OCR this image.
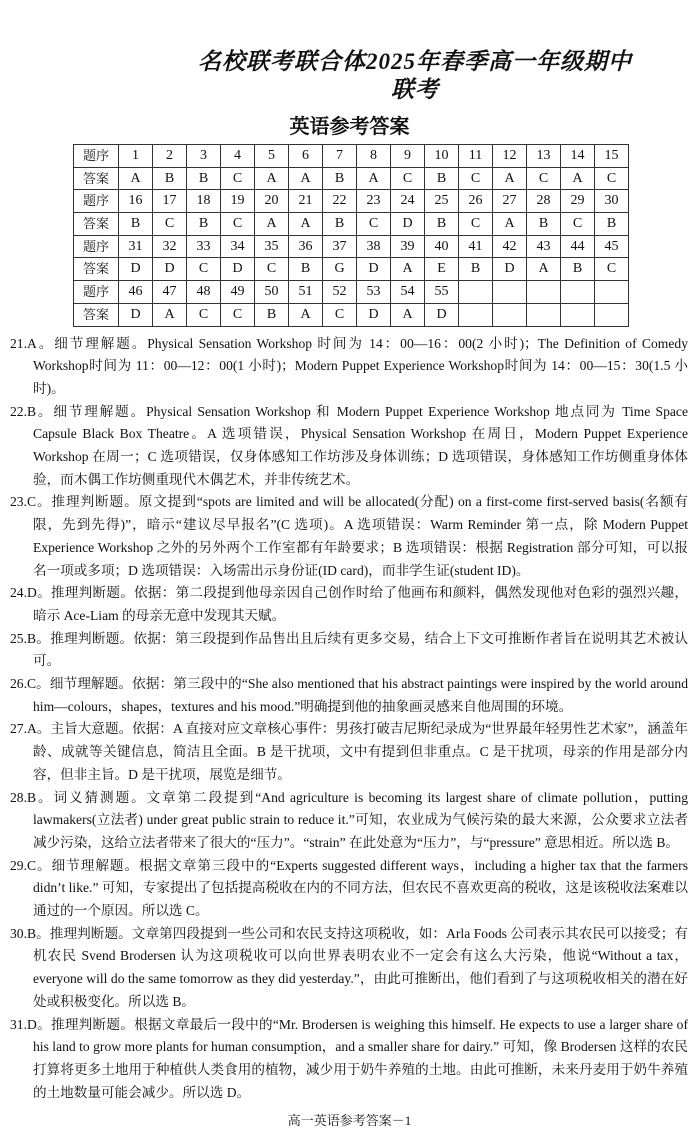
名校联考联合体2025年春季高一年级期中联考
英语参考答案
题序	1	2	3	4	5	6	7	8	9	10	11	12	13	14	15
答案	A	B	B	C	A	A	B	A	C	B	C	A	C	A	C
题序	16	17	18	19	20	21	22	23	24	25	26	27	28	29	30
答案	B	C	B	C	A	A	B	C	D	B	C	A	B	C	B
题序	31	32	33	34	35	36	37	38	39	40	41	42	43	44	45
答案	D	D	C	D	C	B	G	D	A	E	B	D	A	B	C
题序	46	47	48	49	50	51	52	53	54	55					
答案	D	A	C	C	B	A	C	D	A	D					
21.A。细节理解题。Physical Sensation Workshop 时间为 14：00—16：00(2 小时)；The Definition of Comedy Workshop时间为 11：00—12：00(1 小时)；Modern Puppet Experience Workshop时间为 14：00—15：30(1.5 小时)。
22.B。细节理解题。Physical Sensation Workshop 和 Modern Puppet Experience Workshop 地点同为 Time Space Capsule Black Box Theatre。A 选项错误，Physical Sensation Workshop 在周日，Modern Puppet Experience Workshop 在周一；C 选项错误，仅身体感知工作坊涉及身体训练；D 选项错误，身体感知工作坊侧重身体体验，而木偶工作坊侧重现代木偶艺术，并非传统艺术。
23.C。推理判断题。原文提到“spots are limited and will be allocated(分配) on a first-come first-served basis(名额有限，先到先得)”，暗示“建议尽早报名”(C 选项)。A 选项错误：Warm Reminder 第一点，除 Modern Puppet Experience Workshop 之外的另外两个工作室都有年龄要求；B 选项错误：根据 Registration 部分可知，可以报名一项或多项；D 选项错误：入场需出示身份证(ID card)，而非学生证(student ID)。
24.D。推理判断题。依据：第二段提到他母亲因自己创作时给了他画布和颜料，偶然发现他对色彩的强烈兴趣，暗示 Ace-Liam 的母亲无意中发现其天赋。
25.B。推理判断题。依据：第三段提到作品售出且后续有更多交易，结合上下文可推断作者旨在说明其艺术被认可。
26.C。细节理解题。依据：第三段中的“She also mentioned that his abstract paintings were inspired by the world around him—colours，shapes，textures and his mood.”明确提到他的抽象画灵感来自他周围的环境。
27.A。主旨大意题。依据：A 直接对应文章核心事件：男孩打破吉尼斯纪录成为“世界最年轻男性艺术家”，涵盖年龄、成就等关键信息，简洁且全面。B 是干扰项，文中有提到但非重点。C 是干扰项，母亲的作用是部分内容，但非主旨。D 是干扰项，展览是细节。
28.B。词义猜测题。文章第二段提到“And agriculture is becoming its largest share of climate pollution，putting lawmakers(立法者) under great public strain to reduce it.”可知，农业成为气候污染的最大来源，公众要求立法者减少污染，这给立法者带来了很大的“压力”。“strain” 在此处意为“压力”，与“pressure” 意思相近。所以选 B。
29.C。细节理解题。根据文章第三段中的“Experts suggested different ways，including a higher tax that the farmers didn’t like.” 可知，专家提出了包括提高税收在内的不同方法，但农民不喜欢更高的税收，这是该税收法案难以通过的一个原因。所以选 C。
30.B。推理判断题。文章第四段提到一些公司和农民支持这项税收，如：Arla Foods 公司表示其农民可以接受；有机农民 Svend Brodersen 认为这项税收可以向世界表明农业不一定会有这么大污染，他说“Without a tax，everyone will do the same tomorrow as they did yesterday.”，由此可推断出，他们看到了与这项税收相关的潜在好处或积极变化。所以选 B。
31.D。推理判断题。根据文章最后一段中的“Mr. Brodersen is weighing this himself. He expects to use a larger share of his land to grow more plants for human consumption，and a smaller share for dairy.” 可知，像 Brodersen 这样的农民打算将更多土地用于种植供人类食用的植物，减少用于奶牛养殖的土地。由此可推断，未来丹麦用于奶牛养殖的土地数量可能会减少。所以选 D。
高一英语参考答案－1
